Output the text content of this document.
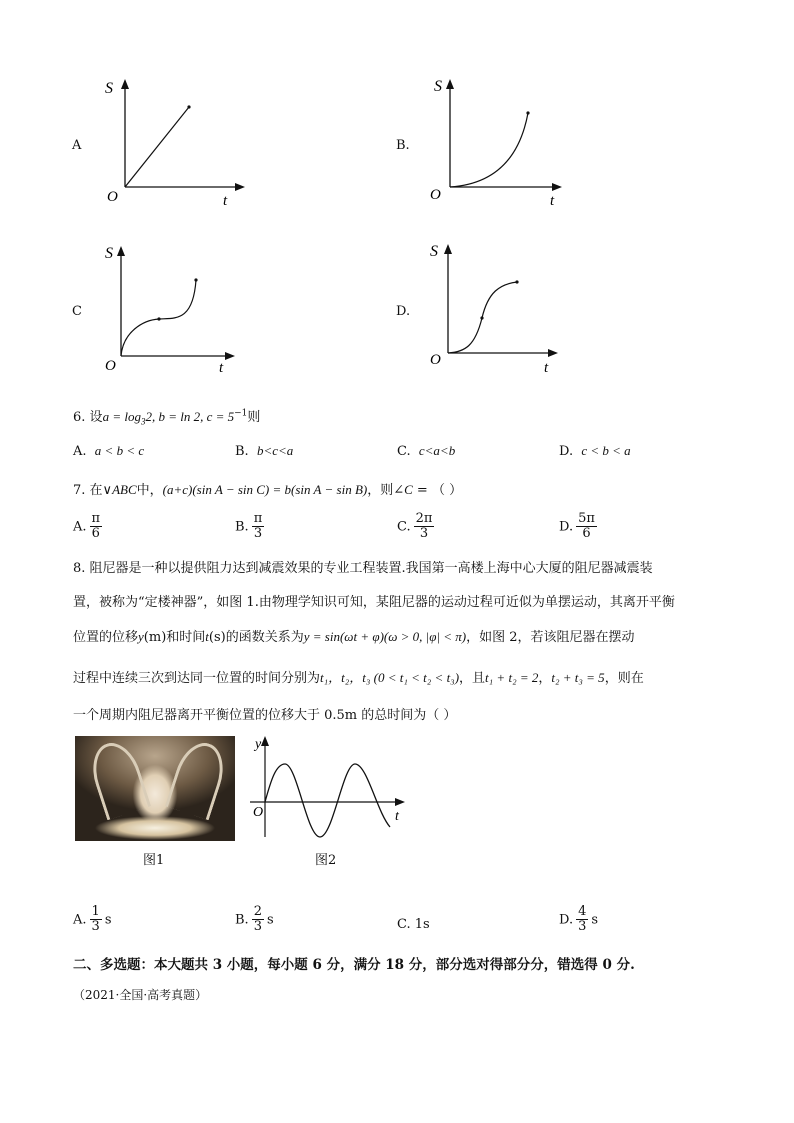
A
S
t
O
B.
S
t
O
C
S
t
O
D.
S
t
O
6. 设$a = \log_32$, b = ln 2, $c = 5^{-1}$则
A. a < b < c	B. b<c<a	C. c<a<b	D. c < b < a
7. 在∨ABC中，(a+c)(sin A − sin C) = b(sin A − sin B)，则∠C = （ ）
A. $\frac{\pi}{6}$	B. $\frac{\pi}{3}$	C. $\frac{2\pi}{3}$	D. $\frac{5\pi}{6}$
8. 阻尼器是一种以提供阻力达到减震效果的专业工程装置.我国第一高楼上海中心大厦的阻尼器减震装
置，被称为“定楼神器”，如图 1.由物理学知识可知，某阻尼器的运动过程可近似为单摆运动，其离开平衡
位置的位移y(m)和时间t(s)的函数关系为y = sin(ωt + φ)(ω > 0, |φ| < π)，如图 2，若该阻尼器在摆动
过程中连续三次到达同一位置的时间分别为t₁，t₂，t₃ (0 < t₁ < t₂ < t₃)，且t₁ + t₂ = 2，t₂ + t₃ = 5，则在
一个周期内阻尼器离开平衡位置的位移大于 0.5m 的总时间为（ ）
图1
y
t
O
图2
A. $\frac{1}{3}$ s	B. $\frac{2}{3}$ s	C. 1s	D. $\frac{4}{3}$ s
二、多选题：本大题共 3 小题，每小题 6 分，满分 18 分，部分选对得部分分，错选得 0 分.
（2021·全国·高考真题）
